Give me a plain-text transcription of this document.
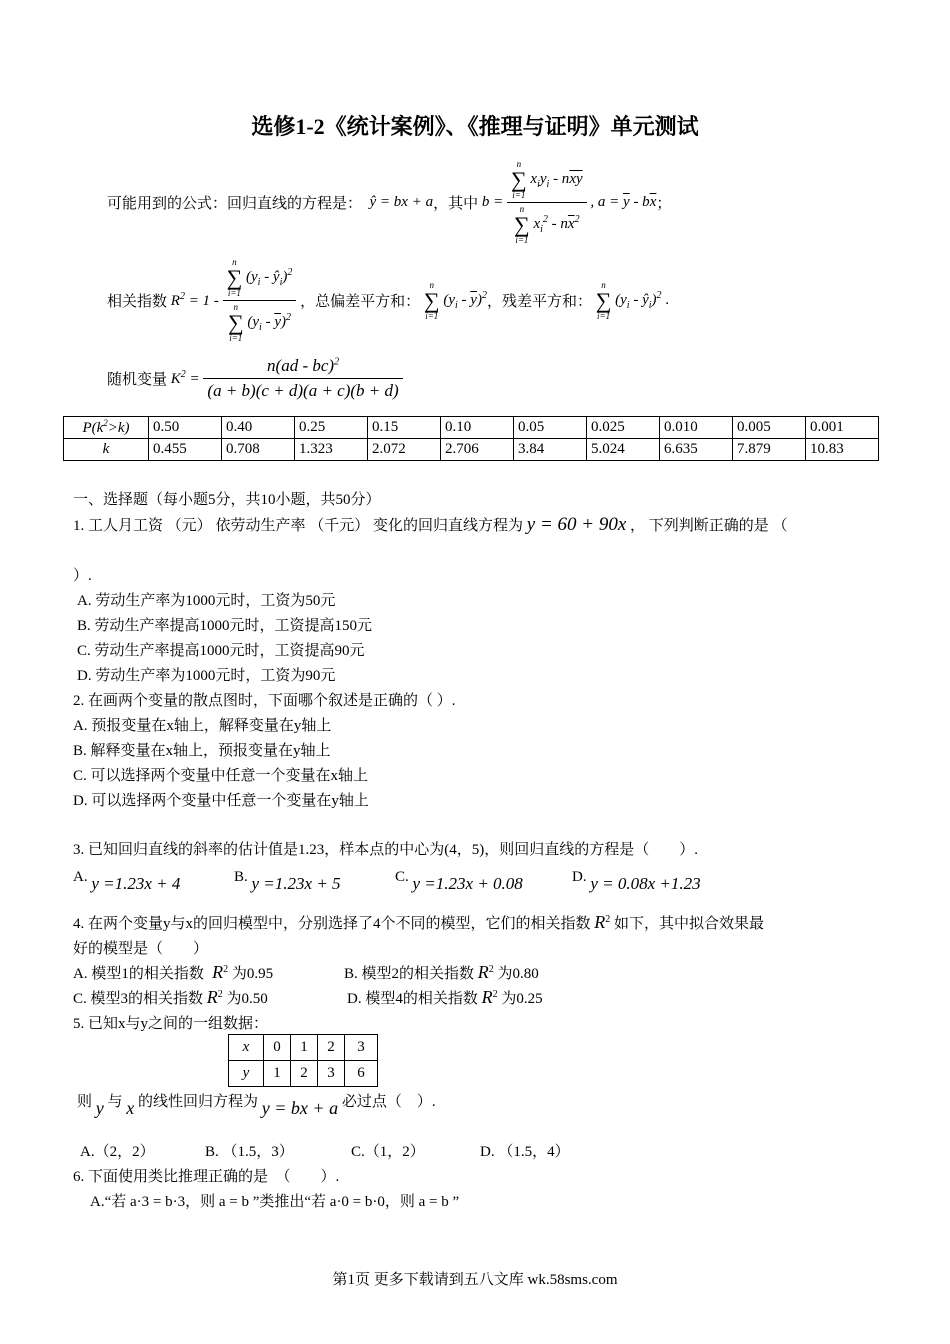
选修1-2《统计案例》、《推理与证明》单元测试
可能用到的公式：回归直线的方程是：  ŷ = bx + a，其中 b = n
∑
i=1
$x_iy_i - n\overline{xy}$
n
∑
i=1
$x_i^2 - n\overline{x}^2$ , $a = \overline{y} - b\overline{x}$；
相关指数 $R^2 = 1 - n$
∑
i=1
($y_i$ - $ŷ_i)^2$
n
∑
i=1
$(y_i - \overline{y})^2$ ，总偏差平方和：
n
∑
i=1
$(y_i - \overline{y})^2$，残差平方和：
n
∑
i=1
($y_i$ - $ŷ_i)^2$ .
随机变量 $K^2 = \frac{n(ad - bc)^2}{(a + b)(c + d)(a + c)(b + d)}$
$P(k^2>k)$	0.50	0.40	0.25	0.15	0.10	0.05	0.025	0.010	0.005	0.001
k	0.455	0.708	1.323	2.072	2.706	3.84	5.024	6.635	7.879	10.83
一、选择题（每小题5分，共10小题，共50分）
1. 工人月工资 （元） 依劳动生产率 （千元） 变化的回归直线方程为 y = 60 + 90x ， 下列判断正确的是 （
）.
A. 劳动生产率为1000元时，工资为50元
B. 劳动生产率提高1000元时，工资提高150元
C. 劳动生产率提高1000元时，工资提高90元
D. 劳动生产率为1000元时，工资为90元
2. 在画两个变量的散点图时，下面哪个叙述是正确的（ ）.
A. 预报变量在x轴上，解释变量在y轴上
B. 解释变量在x轴上，预报变量在y轴上
C. 可以选择两个变量中任意一个变量在x轴上
D. 可以选择两个变量中任意一个变量在y轴上
3. 已知回归直线的斜率的估计值是1.23，样本点的中心为(4，5)，则回归直线的方程是（　　）.
A. y =1.23x + 4	B. y =1.23x + 5	C. y =1.23x + 0.08	D. y = 0.08x +1.23
4. 在两个变量y与x的回归模型中，分别选择了4个不同的模型，它们的相关指数 $R^2$ 如下，其中拟合效果最
好的模型是（　　）
A. 模型1的相关指数  $R^2$ 为0.95	B. 模型2的相关指数 $R^2$ 为0.80
C. 模型3的相关指数 $R^2$ 为0.50	D. 模型4的相关指数 $R^2$ 为0.25
5. 已知x与y之间的一组数据：
x	0	1	2	3
y	1	2	3	6
则 y 与 x 的线性回归方程为 y = bx + a 必过点（　）.
A.（2，2）	B. （1.5，3）	C.（1，2）	D. （1.5，4）
6. 下面使用类比推理正确的是　（　　）.
A.“若 a·3 = b·3，则 a = b ”类推出“若 a·0 = b·0，则 a = b ”
第1页 更多下载请到五八文库 wk.58sms.com
